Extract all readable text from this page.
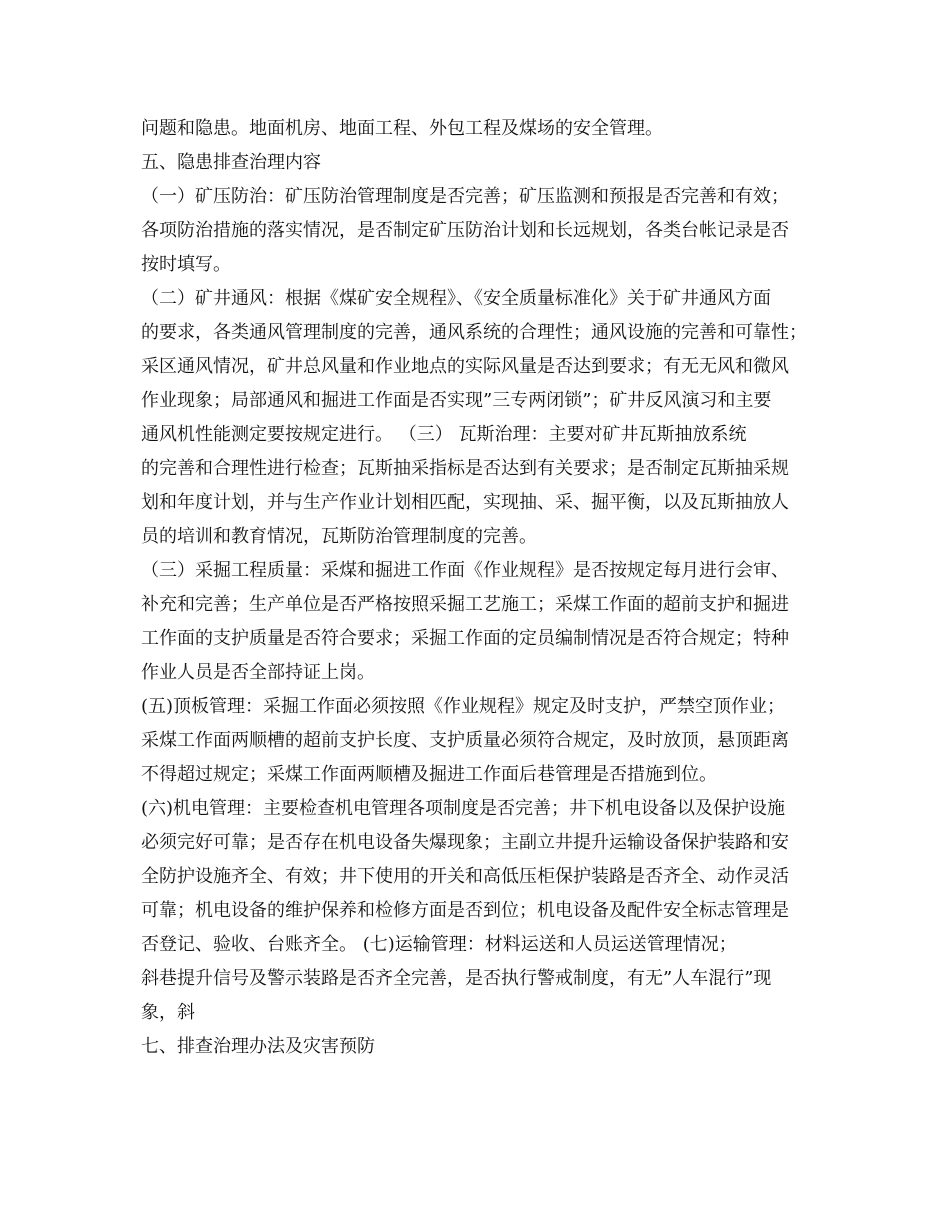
问题和隐患。地面机房、地面工程、外包工程及煤场的安全管理。
五、隐患排查治理内容
（一）矿压防治：矿压防治管理制度是否完善；矿压监测和预报是否完善和有效；
各项防治措施的落实情况，是否制定矿压防治计划和长远规划，各类台帐记录是否
按时填写。
（二）矿井通风：根据《煤矿安全规程》、《安全质量标准化》关于矿井通风方面
的要求，各类通风管理制度的完善，通风系统的合理性；通风设施的完善和可靠性；
采区通风情况，矿井总风量和作业地点的实际风量是否达到要求；有无无风和微风
作业现象；局部通风和掘进工作面是否实现”三专两闭锁”；矿井反风演习和主要
通风机性能测定要按规定进行。 （三） 瓦斯治理：主要对矿井瓦斯抽放系统
的完善和合理性进行检查；瓦斯抽采指标是否达到有关要求；是否制定瓦斯抽采规
划和年度计划，并与生产作业计划相匹配，实现抽、采、掘平衡，以及瓦斯抽放人
员的培训和教育情况，瓦斯防治管理制度的完善。
（三）采掘工程质量：采煤和掘进工作面《作业规程》是否按规定每月进行会审、
补充和完善；生产单位是否严格按照采掘工艺施工；采煤工作面的超前支护和掘进
工作面的支护质量是否符合要求；采掘工作面的定员编制情况是否符合规定；特种
作业人员是否全部持证上岗。
(五)顶板管理：采掘工作面必须按照《作业规程》规定及时支护，严禁空顶作业；
采煤工作面两顺槽的超前支护长度、支护质量必须符合规定，及时放顶，悬顶距离
不得超过规定；采煤工作面两顺槽及掘进工作面后巷管理是否措施到位。
(六)机电管理：主要检查机电管理各项制度是否完善；井下机电设备以及保护设施
必须完好可靠；是否存在机电设备失爆现象；主副立井提升运输设备保护装路和安
全防护设施齐全、有效；井下使用的开关和高低压柜保护装路是否齐全、动作灵活
可靠；机电设备的维护保养和检修方面是否到位；机电设备及配件安全标志管理是
否登记、验收、台账齐全。 (七)运输管理：材料运送和人员运送管理情况；
斜巷提升信号及警示装路是否齐全完善，是否执行警戒制度，有无”人车混行”现
象，斜
七、排查治理办法及灾害预防
